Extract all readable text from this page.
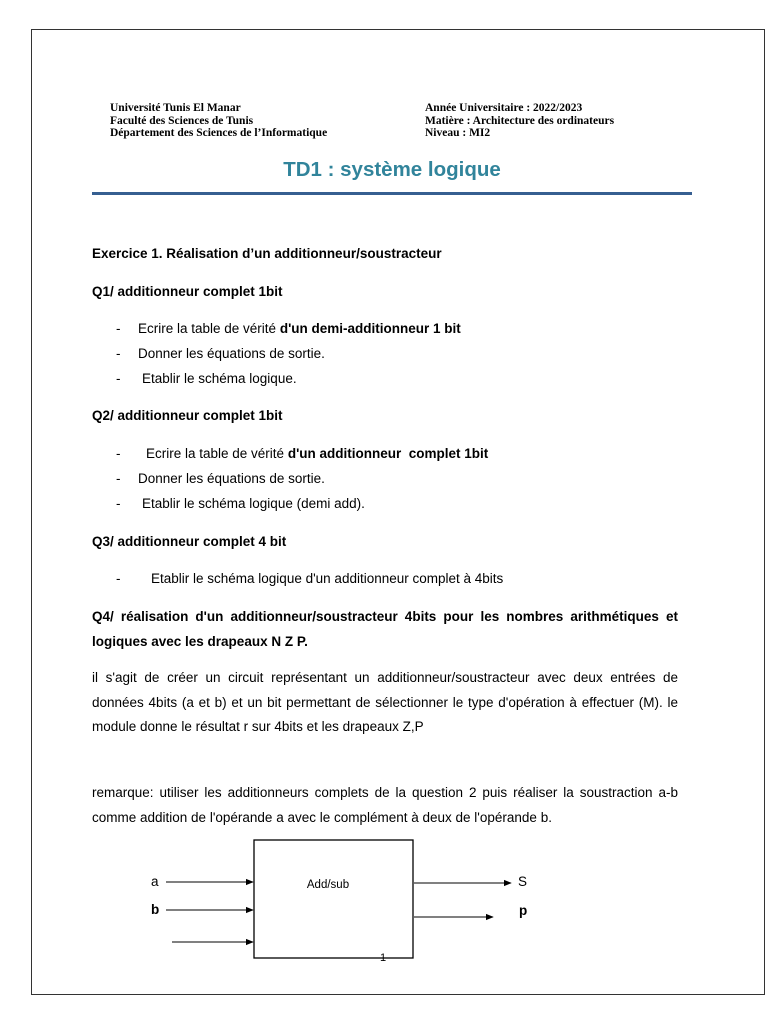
Université Tunis El Manar
Faculté des Sciences de Tunis
Département des Sciences de l’Informatique
Année Universitaire : 2022/2023
Matière : Architecture des ordinateurs
Niveau : MI2
TD1 : système logique
Exercice 1. Réalisation d’un additionneur/soustracteur
Q1/ additionneur complet 1bit
- Ecrire la table de vérité d'un demi-additionneur 1 bit
- Donner les équations de sortie.
- Etablir le schéma logique.
Q2/ additionneur complet 1bit
- Ecrire la table de vérité d'un additionneur  complet 1bit
- Donner les équations de sortie.
- Etablir le schéma logique (demi add).
Q3/ additionneur complet 4 bit
- Etablir le schéma logique d'un additionneur complet à 4bits
Q4/ réalisation d'un additionneur/soustracteur 4bits pour les nombres arithmétiques et logiques avec les drapeaux N Z P.
il s'agit de créer un circuit représentant un additionneur/soustracteur avec deux entrées de données 4bits (a et b) et un bit permettant de sélectionner le type d'opération à effectuer (M). le module donne le résultat r sur 4bits et les drapeaux Z,P
remarque: utiliser les additionneurs complets de la question 2 puis réaliser la soustraction a-b comme addition de l'opérande a avec le complément à deux de l'opérande b.
Add/sub
a
b
S
p
1
